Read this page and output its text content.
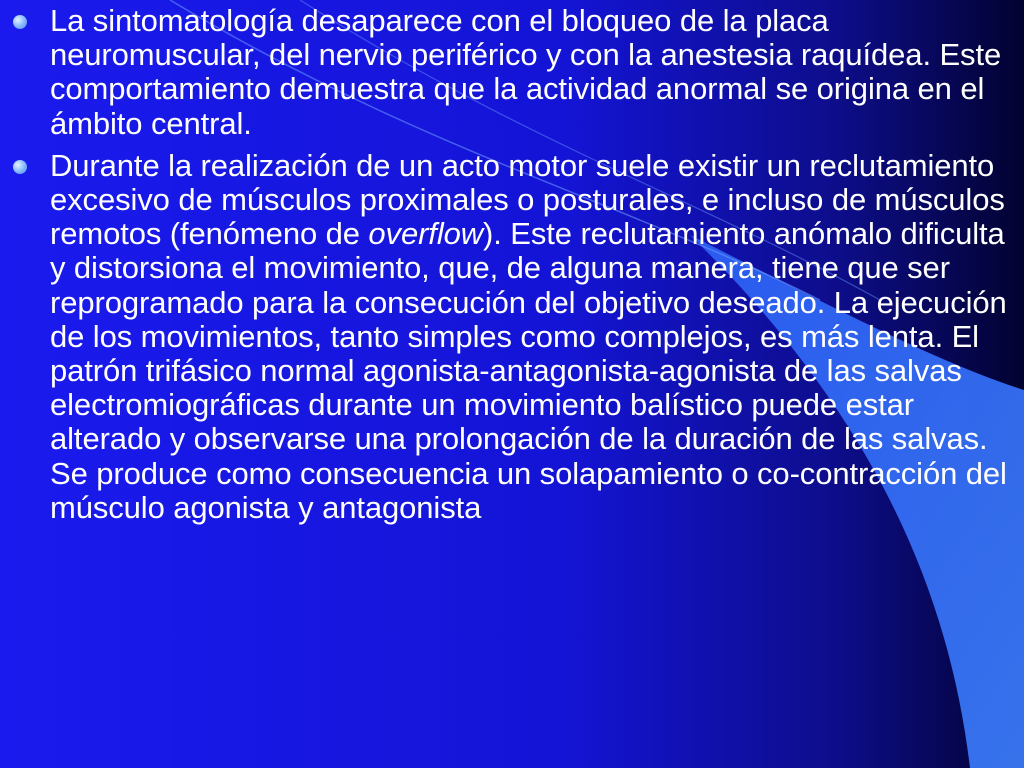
La sintomatología desaparece con el bloqueo de la placa neuromuscular, del nervio periférico y con la anestesia raquídea. Este comportamiento demuestra que la actividad anormal se origina en el ámbito central.

Durante la realización de un acto motor suele existir un reclutamiento excesivo de músculos proximales o posturales, e incluso de músculos remotos (fenómeno de overflow). Este reclutamiento anómalo dificulta y distorsiona el movimiento, que, de alguna manera, tiene que ser reprogramado para la consecución del objetivo deseado. La ejecución de los movimientos, tanto simples como complejos, es más lenta. El patrón trifásico normal agonista-antagonista-agonista de las salvas electromiográficas durante un movimiento balístico puede estar alterado y observarse una prolongación de la duración de las salvas. Se produce como consecuencia un solapamiento o co-contracción del músculo agonista y antagonista
